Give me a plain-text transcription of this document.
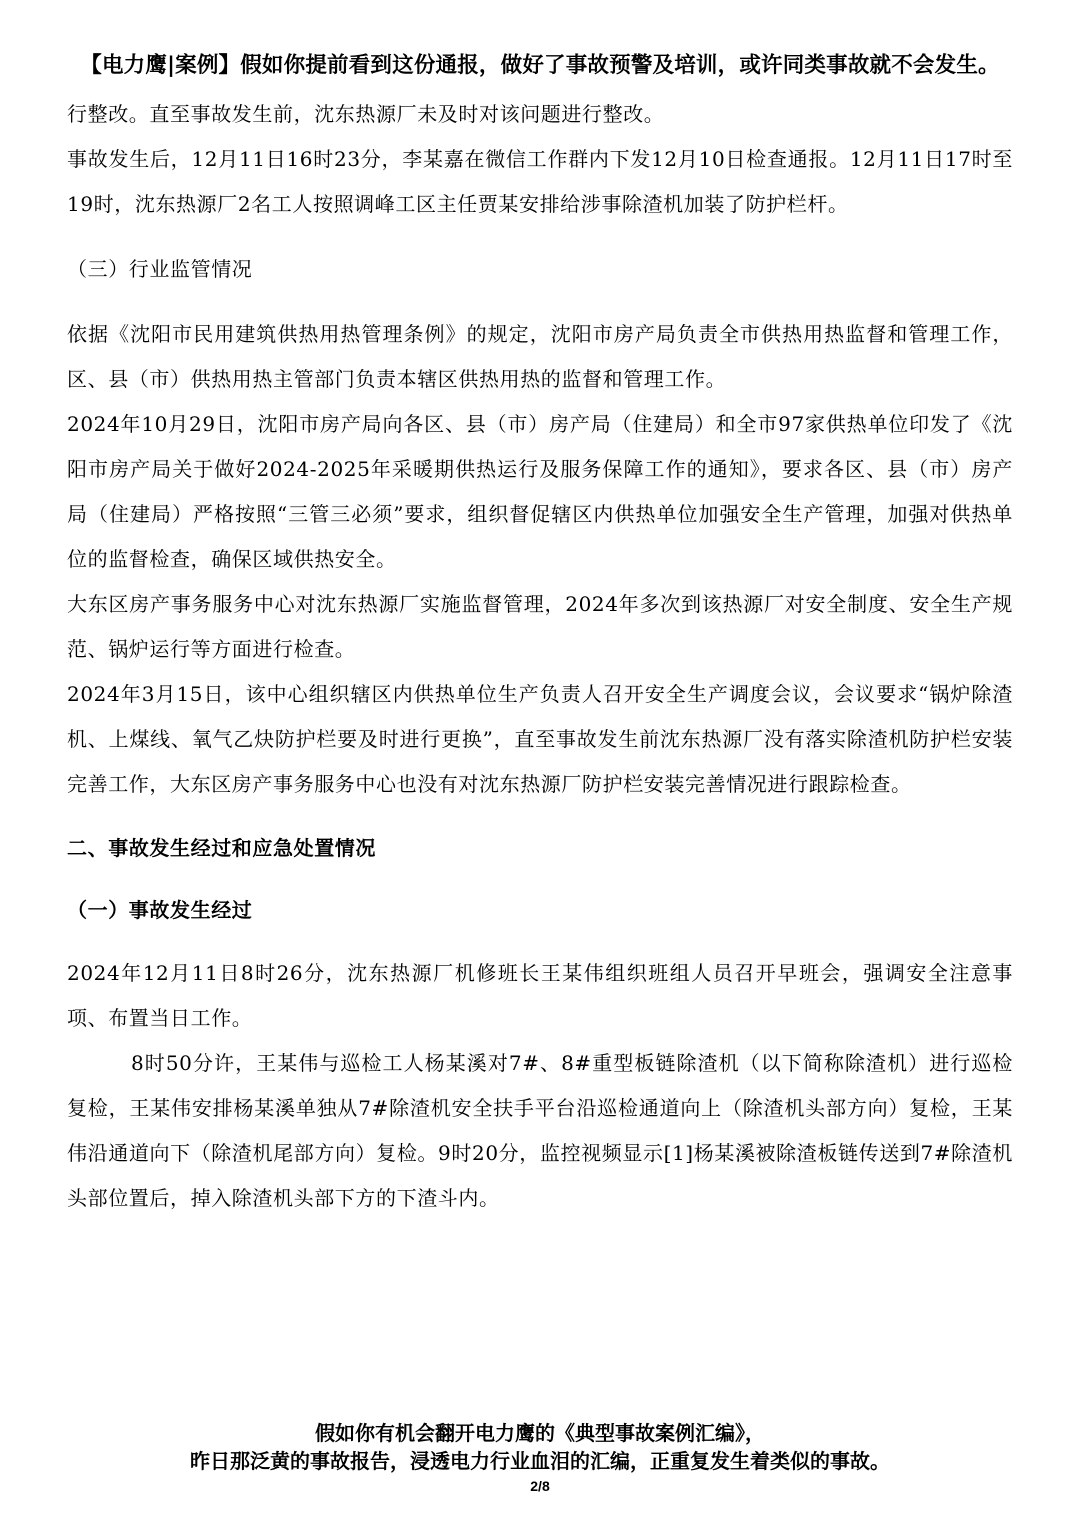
【电力鹰|案例】假如你提前看到这份通报，做好了事故预警及培训，或许同类事故就不会发生。

行整改。直至事故发生前，沈东热源厂未及时对该问题进行整改。

事故发生后，12月11日16时23分，李某嘉在微信工作群内下发12月10日检查通报。12月11日17时至19时，沈东热源厂2名工人按照调峰工区主任贾某安排给涉事除渣机加装了防护栏杆。

（三）行业监管情况

依据《沈阳市民用建筑供热用热管理条例》的规定，沈阳市房产局负责全市供热用热监督和管理工作，区、县（市）供热用热主管部门负责本辖区供热用热的监督和管理工作。

2024年10月29日，沈阳市房产局向各区、县（市）房产局（住建局）和全市97家供热单位印发了《沈阳市房产局关于做好2024-2025年采暖期供热运行及服务保障工作的通知》，要求各区、县（市）房产局（住建局）严格按照“三管三必须”要求，组织督促辖区内供热单位加强安全生产管理，加强对供热单位的监督检查，确保区域供热安全。

大东区房产事务服务中心对沈东热源厂实施监督管理，2024年多次到该热源厂对安全制度、安全生产规范、锅炉运行等方面进行检查。

2024年3月15日，该中心组织辖区内供热单位生产负责人召开安全生产调度会议，会议要求“锅炉除渣机、上煤线、氧气乙炔防护栏要及时进行更换”，直至事故发生前沈东热源厂没有落实除渣机防护栏安装完善工作，大东区房产事务服务中心也没有对沈东热源厂防护栏安装完善情况进行跟踪检查。

二、事故发生经过和应急处置情况

（一）事故发生经过

2024年12月11日8时26分，沈东热源厂机修班长王某伟组织班组人员召开早班会，强调安全注意事项、布置当日工作。

8时50分许，王某伟与巡检工人杨某溪对7#、8#重型板链除渣机（以下简称除渣机）进行巡检复检，王某伟安排杨某溪单独从7#除渣机安全扶手平台沿巡检通道向上（除渣机头部方向）复检，王某伟沿通道向下（除渣机尾部方向）复检。9时20分，监控视频显示[1]杨某溪被除渣板链传送到7#除渣机头部位置后，掉入除渣机头部下方的下渣斗内。

假如你有机会翻开电力鹰的《典型事故案例汇编》，
昨日那泛黄的事故报告，浸透电力行业血泪的汇编，正重复发生着类似的事故。
2/8
